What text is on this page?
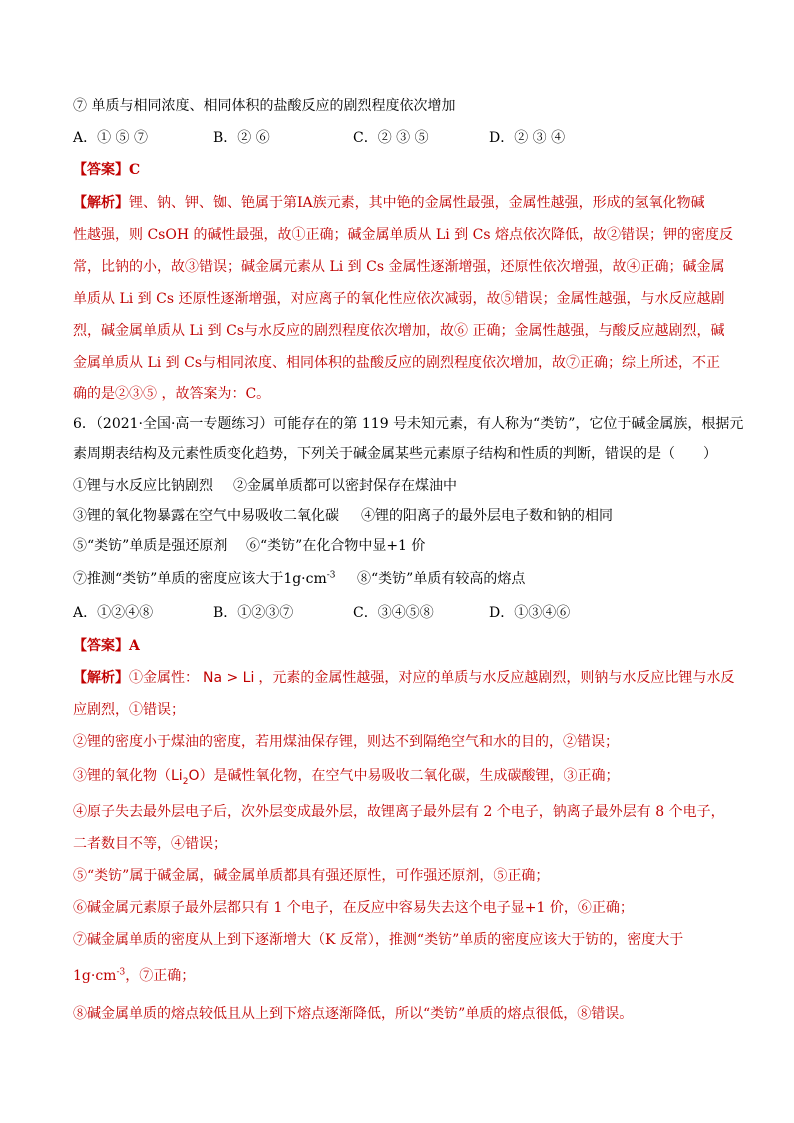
⑦ 单质与相同浓度、相同体积的盐酸反应的剧烈程度依次增加
A．① ⑤ ⑦	B．② ⑥	C．② ③ ⑤	D．② ③ ④
【答案】C
【解析】锂、钠、钾、铷、铯属于第ⅠA族元素，其中铯的金属性最强，金属性越强，形成的氢氧化物碱
性越强，则 CsOH 的碱性最强，故①正确；碱金属单质从 Li 到 Cs 熔点依次降低，故②错误；钾的密度反
常，比钠的小，故③错误；碱金属元素从 Li 到 Cs 金属性逐渐增强，还原性依次增强，故④正确；碱金属
单质从 Li 到 Cs 还原性逐渐增强，对应离子的氧化性应依次减弱，故⑤错误；金属性越强，与水反应越剧
烈，碱金属单质从 Li 到 Cs与水反应的剧烈程度依次增加，故⑥ 正确；金属性越强，与酸反应越剧烈，碱
金属单质从 Li 到 Cs与相同浓度、相同体积的盐酸反应的剧烈程度依次增加，故⑦正确；综上所述，不正
确的是②③⑤ ，故答案为：C。
6．（2021·全国·高一专题练习）可能存在的第 119 号未知元素，有人称为“类钫”，它位于碱金属族，根据元
素周期表结构及元素性质变化趋势，下列关于碱金属某些元素原子结构和性质的判断，错误的是（　　）
①锂与水反应比钠剧烈 ②金属单质都可以密封保存在煤油中
③锂的氧化物暴露在空气中易吸收二氧化碳 ④锂的阳离子的最外层电子数和钠的相同
⑤“类钫”单质是强还原剂 ⑥“类钫”在化合物中显+1 价
⑦推测“类钫”单质的密度应该大于$1g\cdot cm^{-3}$ ⑧“类钫”单质有较高的熔点
A．①②④⑧	B．①②③⑦	C．③④⑤⑧	D．①③④⑥
【答案】A
【解析】①金属性： Na > Li ，元素的金属性越强，对应的单质与水反应越剧烈，则钠与水反应比锂与水反
应剧烈，①错误；
②锂的密度小于煤油的密度，若用煤油保存锂，则达不到隔绝空气和水的目的，②错误；
③锂的氧化物$(Li_2O)$是碱性氧化物，在空气中易吸收二氧化碳，生成碳酸锂，③正确；
④原子失去最外层电子后，次外层变成最外层，故锂离子最外层有 2 个电子，钠离子最外层有 8 个电子，
二者数目不等，④错误；
⑤“类钫”属于碱金属，碱金属单质都具有强还原性，可作强还原剂，⑤正确；
⑥碱金属元素原子最外层都只有 1 个电子，在反应中容易失去这个电子显+1 价，⑥正确；
⑦碱金属单质的密度从上到下逐渐增大（K 反常），推测“类钫”单质的密度应该大于钫的，密度大于
$1g\cdot cm^{-3}$，⑦正确；
⑧碱金属单质的熔点较低且从上到下熔点逐渐降低，所以“类钫”单质的熔点很低，⑧错误。
